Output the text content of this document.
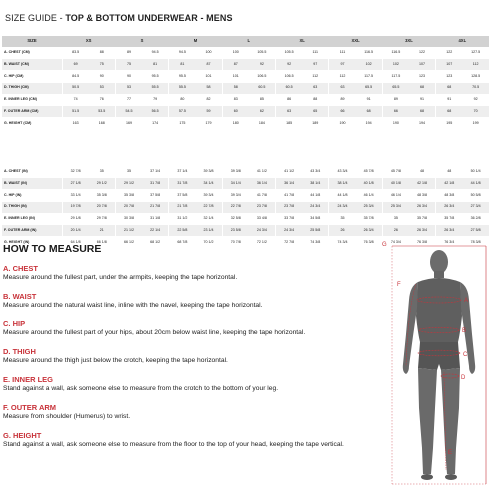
SIZE GUIDE - TOP & BOTTOM UNDERWEAR - MENS
SIZE	XS		S		M		L		XL		XXL		3XL		4XL	
A. CHEST (CM)	83.5	88	89	94.5	94.5	100	100	105.5	105.5	111	111	116.5	116.5	122	122	127.5
B. WAIST (CM)	69	75	75	81	81	87	87	92	92	97	97	102	102	107	107	112
C. HIP (CM)	84.5	90	90	95.5	95.5	101	101	106.5	106.5	112	112	117.5	117.5	123	123	128.5
D. THIGH (CM)	50.5	53	53	55.5	55.5	58	58	60.5	60.5	63	63	65.5	65.5	68	68	70.5
E. INNER LEG (CM)	74	76	77	79	80	82	83	85	86	88	89	91	89	91	91	92
F. OUTER ARM (CM)	51.5	53.5	54.5	56.5	57.5	59	60	62	63	65	66	68	66	68	68	70
G. HEIGHT (CM)	163	168	169	174	175	179	180	184	185	189	190	194	190	194	195	199
A. CHEST (IN)	32 7/8	35	35	37 1/4	37 1/4	39 3/8	39 3/8	41 1/2	41 1/2	43 3/4	43 3/4	45 7/8	45 7/8	48	48	50 1/4
B. WAIST (IN)	27 1/8	29 1/2	29 1/2	31 7/8	31 7/8	34 1/4	34 1/4	36 1/4	36 1/4	38 1/4	38 1/4	40 1/8	40 1/8	42 1/8	42 1/8	44 1/8
C. HIP (IN)	33 1/4	35 3/8	35 3/8	37 5/8	37 5/8	39 3/4	39 3/4	41 7/8	41 7/8	44 1/8	44 1/8	46 1/4	46 1/4	48 3/8	48 3/8	50 5/8
D. THIGH (IN)	19 7/8	20 7/8	20 7/8	21 7/8	21 7/8	22 7/8	22 7/8	23 7/8	23 7/8	24 3/4	24 3/4	25 3/4	25 3/4	26 3/4	26 3/4	27 3/4
E. INNER LEG (IN)	29 1/8	29 7/8	30 3/8	31 1/8	31 1/2	32 1/4	32 5/8	33 4/8	33 7/8	34 5/8	35	35 7/8	35	35 7/8	35 7/8	36 2/8
F. OUTER ARM (IN)	20 1/4	21	21 1/2	22 1/4	22 5/8	23 1/4	23 5/8	24 3/4	24 3/4	25 5/8	26	26 3/4	26	26 3/4	26 3/4	27 5/8
G. HEIGHT (IN)	64 1/8	66 1/8	66 1/2	68 1/2	68 7/8	70 1/2	70 7/8	72 1/2	72 7/8	74 3/8	74 3/4	76 3/8	74 3/4	76 3/8	76 3/4	78 3/8
HOW TO MEASURE
A. CHEST
Measure around the fullest part, under the armpits, keeping the tape horizontal.
B. WAIST
Measure around the natural waist line, inline with the navel, keeping the tape horizontal.
C. HIP
Measure around the fullest part of your hips, about 20cm below waist line, keeping the tape horizontal.
D. THIGH
Measure around the thigh just below the crotch, keeping the tape horizontal.
E. INNER LEG
Stand against a wall, ask someone else to measure from the crotch to the bottom of your leg.
F. OUTER ARM
Measure from shoulder (Humerus) to wrist.
G. HEIGHT
Stand against a wall, ask someone else to measure from the floor to the top of your head, keeping the tape vertical.
G
F
A
B
C
D
E
